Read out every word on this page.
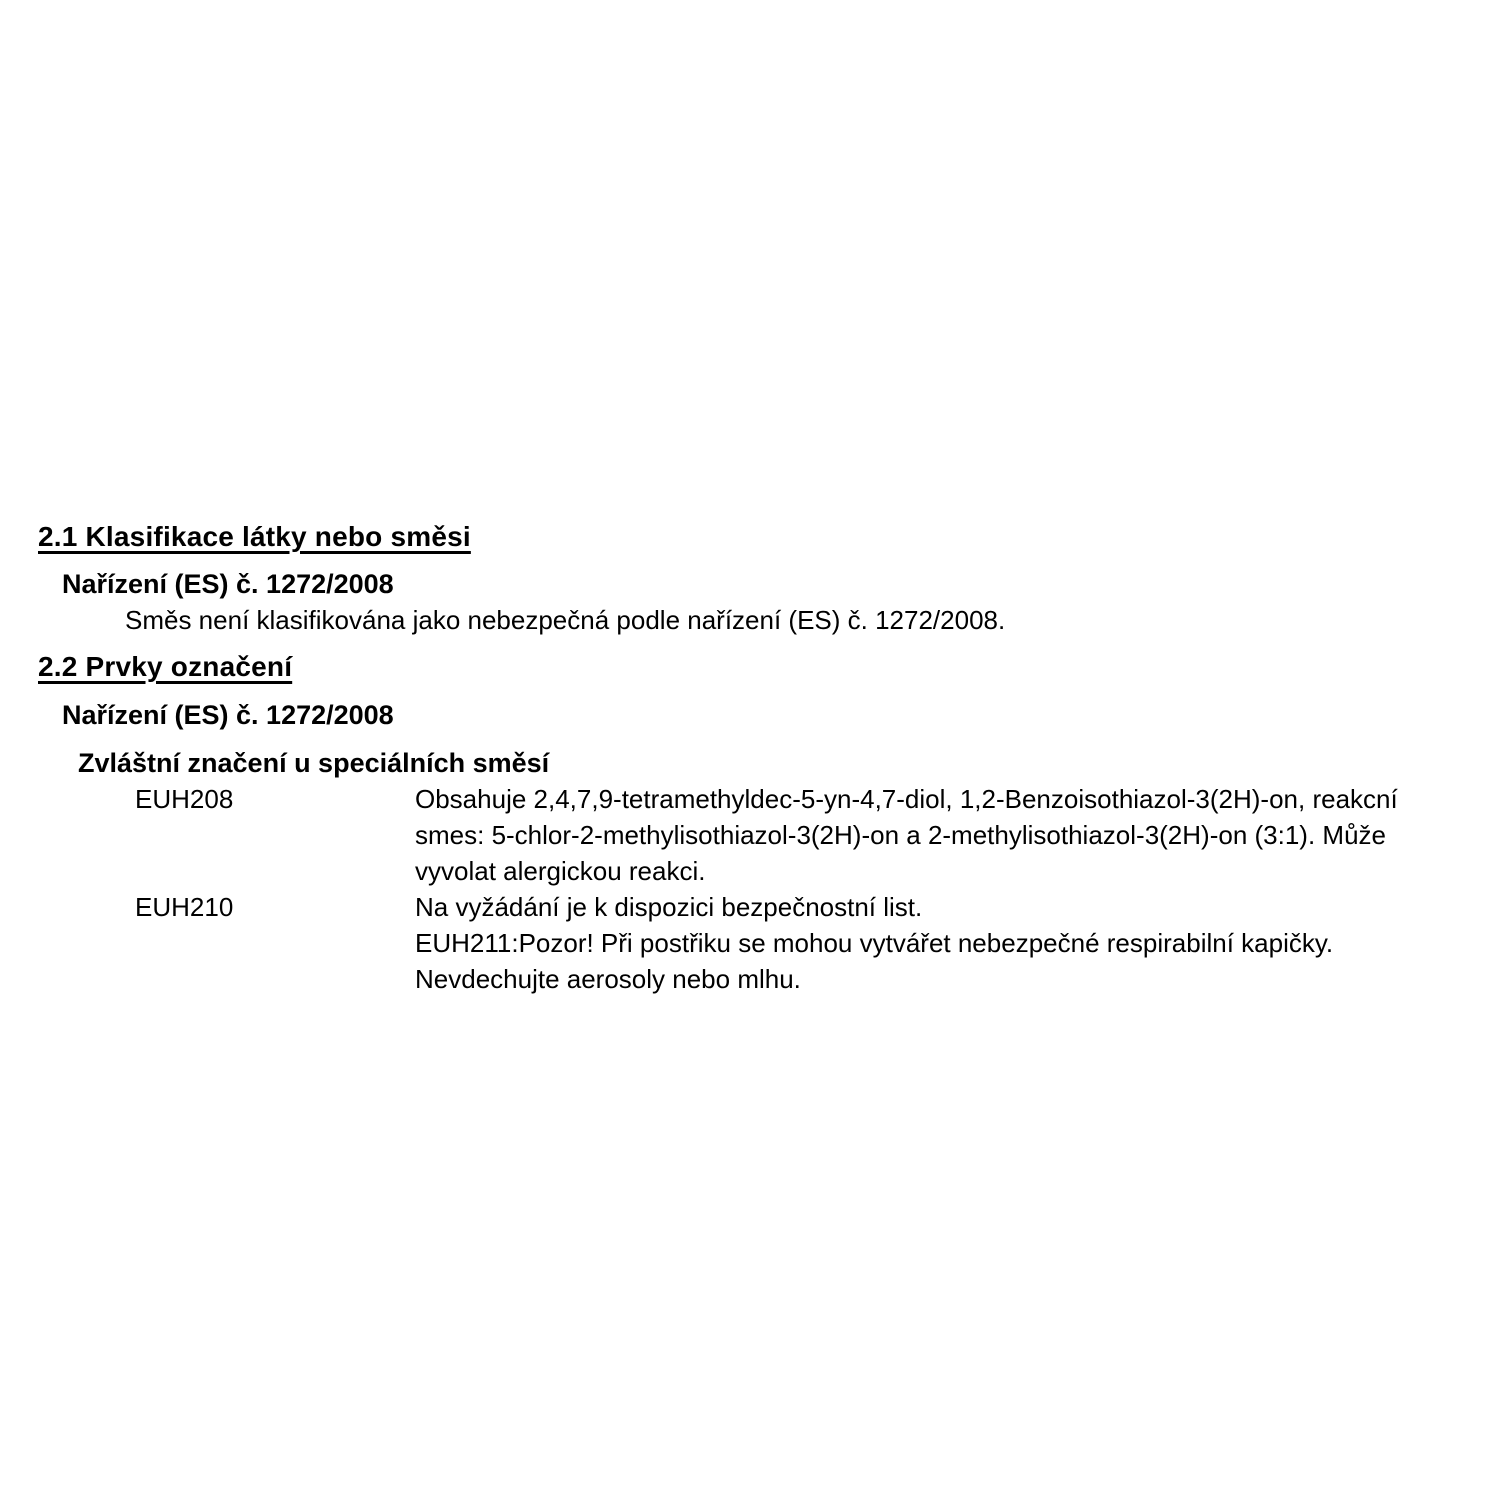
2.1 Klasifikace látky nebo směsi
Nařízení (ES) č. 1272/2008
Směs není klasifikována jako nebezpečná podle nařízení (ES) č. 1272/2008.
2.2 Prvky označení
Nařízení (ES) č. 1272/2008
Zvláštní značení u speciálních směsí
EUH208	Obsahuje 2,4,7,9-tetramethyldec-5-yn-4,7-diol, 1,2-Benzoisothiazol-3(2H)-on, reakcní
smes: 5-chlor-2-methylisothiazol-3(2H)-on a 2-methylisothiazol-3(2H)-on (3:1). Může
vyvolat alergickou reakci.
EUH210	Na vyžádání je k dispozici bezpečnostní list.
EUH211:Pozor! Při postřiku se mohou vytvářet nebezpečné respirabilní kapičky.
Nevdechujte aerosoly nebo mlhu.
